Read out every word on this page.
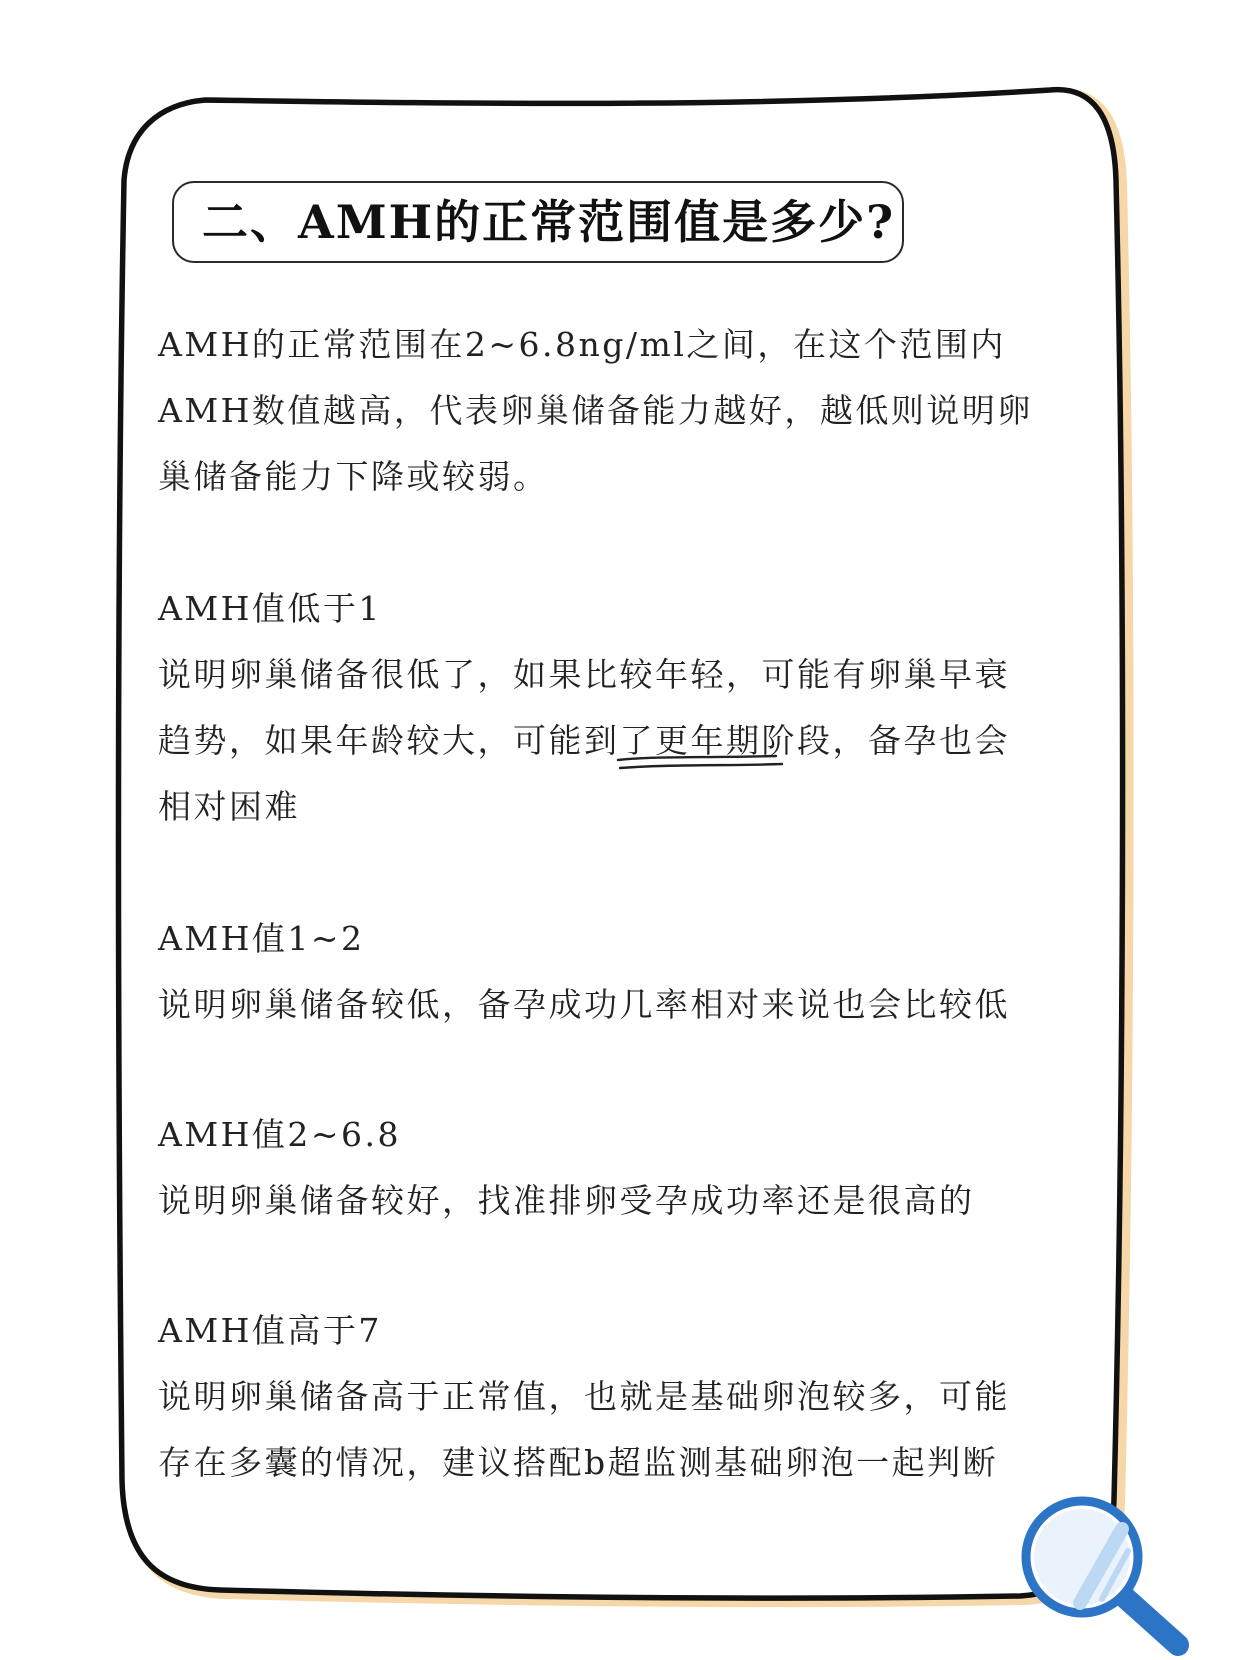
二、AMH的正常范围值是多少?

AMH的正常范围在2~6.8ng/ml之间，在这个范围内

AMH数值越高，代表卵巢储备能力越好，越低则说明卵

巢储备能力下降或较弱。

AMH值低于1

说明卵巢储备很低了，如果比较年轻，可能有卵巢早衰

趋势，如果年龄较大，可能到了更年期
阶段，备孕也会

相对困难

AMH值1~2

说明卵巢储备较低，备孕成功几率相对来说也会比较低

AMH值2~6.8

说明卵巢储备较好，找准排卵受孕成功率还是很高的

AMH值高于7

说明卵巢储备高于正常值，也就是基础卵泡较多，可能

存在多囊的情况，建议搭配b超监测基础卵泡一起判断
